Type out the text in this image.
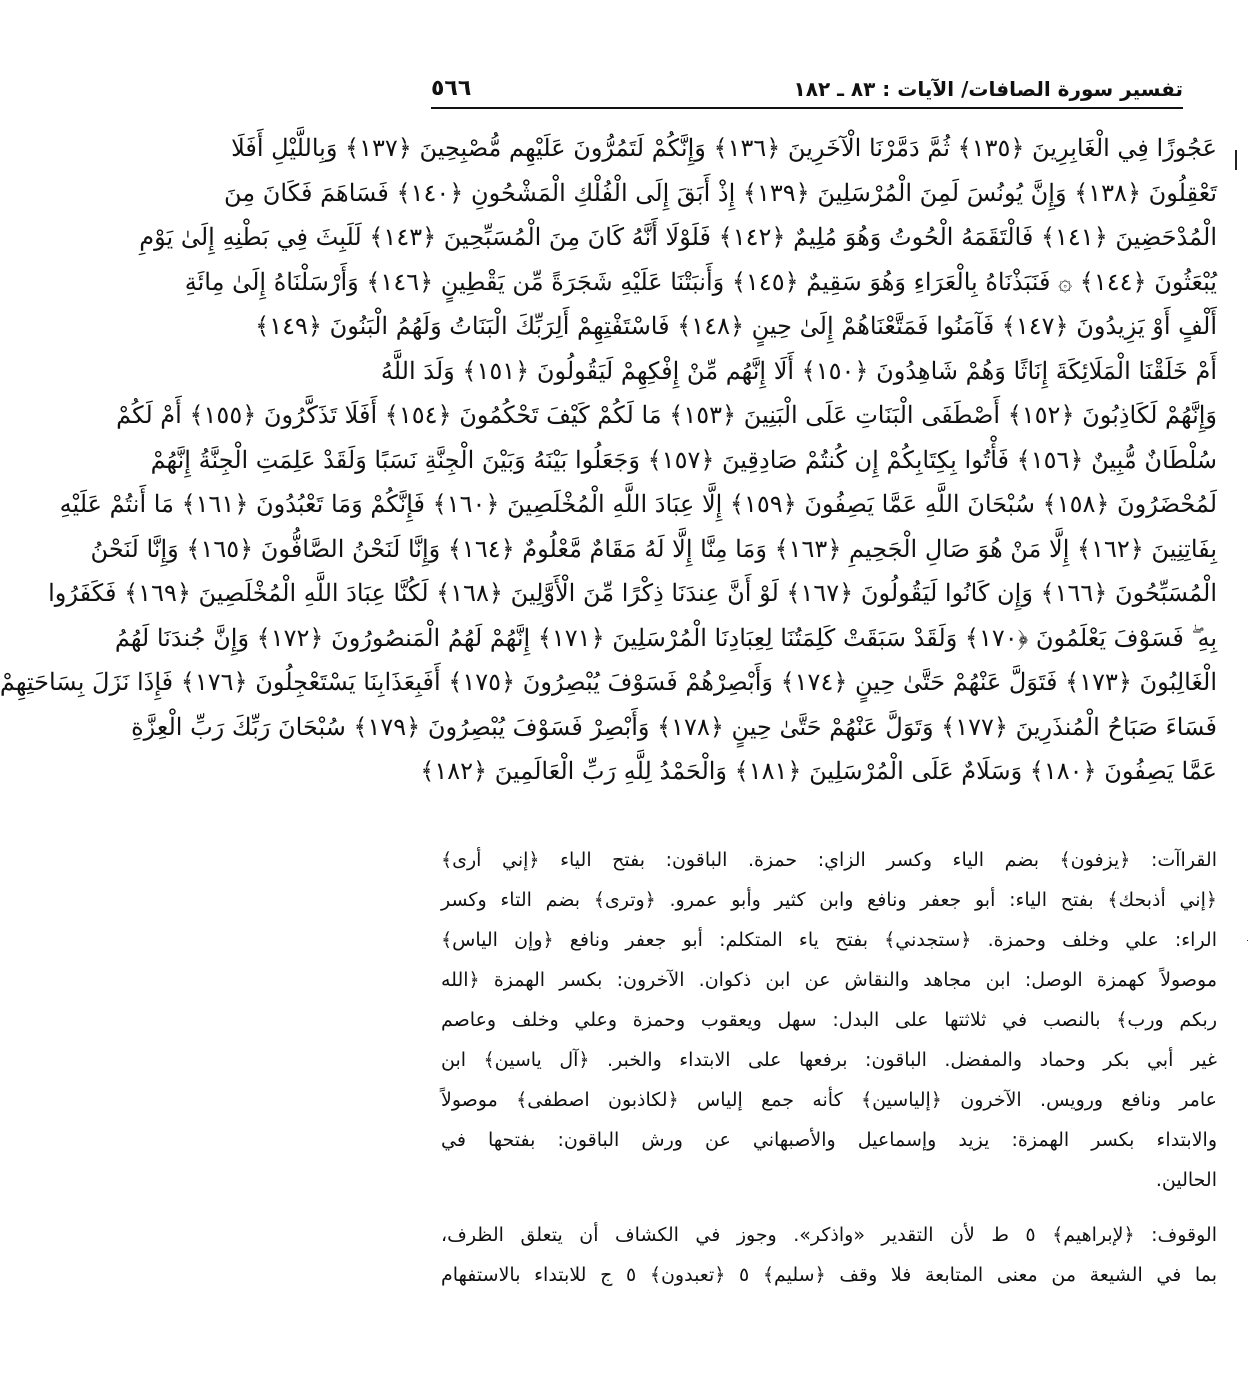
تفسير سورة الصافات/ الآيات : ٨٣ ـ ١٨٢
٥٦٦
عَجُوزًا فِي الْغَابِرِينَ ﴿١٣٥﴾ ثُمَّ دَمَّرْنَا الْآخَرِينَ ﴿١٣٦﴾ وَإِنَّكُمْ لَتَمُرُّونَ عَلَيْهِم مُّصْبِحِينَ ﴿١٣٧﴾ وَبِاللَّيْلِ أَفَلَا
تَعْقِلُونَ ﴿١٣٨﴾ وَإِنَّ يُونُسَ لَمِنَ الْمُرْسَلِينَ ﴿١٣٩﴾ إِذْ أَبَقَ إِلَى الْفُلْكِ الْمَشْحُونِ ﴿١٤٠﴾ فَسَاهَمَ فَكَانَ مِنَ
الْمُدْحَضِينَ ﴿١٤١﴾ فَالْتَقَمَهُ الْحُوتُ وَهُوَ مُلِيمٌ ﴿١٤٢﴾ فَلَوْلَا أَنَّهُ كَانَ مِنَ الْمُسَبِّحِينَ ﴿١٤٣﴾ لَلَبِثَ فِي بَطْنِهِ إِلَىٰ يَوْمِ
يُبْعَثُونَ ﴿١٤٤﴾ ۞ فَنَبَذْنَاهُ بِالْعَرَاءِ وَهُوَ سَقِيمٌ ﴿١٤٥﴾ وَأَنبَتْنَا عَلَيْهِ شَجَرَةً مِّن يَقْطِينٍ ﴿١٤٦﴾ وَأَرْسَلْنَاهُ إِلَىٰ مِائَةِ
أَلْفٍ أَوْ يَزِيدُونَ ﴿١٤٧﴾ فَآمَنُوا فَمَتَّعْنَاهُمْ إِلَىٰ حِينٍ ﴿١٤٨﴾ فَاسْتَفْتِهِمْ أَلِرَبِّكَ الْبَنَاتُ وَلَهُمُ الْبَنُونَ ﴿١٤٩﴾
أَمْ خَلَقْنَا الْمَلَائِكَةَ إِنَاثًا وَهُمْ شَاهِدُونَ ﴿١٥٠﴾ أَلَا إِنَّهُم مِّنْ إِفْكِهِمْ لَيَقُولُونَ ﴿١٥١﴾ وَلَدَ اللَّهُ
وَإِنَّهُمْ لَكَاذِبُونَ ﴿١٥٢﴾ أَصْطَفَى الْبَنَاتِ عَلَى الْبَنِينَ ﴿١٥٣﴾ مَا لَكُمْ كَيْفَ تَحْكُمُونَ ﴿١٥٤﴾ أَفَلَا تَذَكَّرُونَ ﴿١٥٥﴾ أَمْ لَكُمْ
سُلْطَانٌ مُّبِينٌ ﴿١٥٦﴾ فَأْتُوا بِكِتَابِكُمْ إِن كُنتُمْ صَادِقِينَ ﴿١٥٧﴾ وَجَعَلُوا بَيْنَهُ وَبَيْنَ الْجِنَّةِ نَسَبًا وَلَقَدْ عَلِمَتِ الْجِنَّةُ إِنَّهُمْ
لَمُحْضَرُونَ ﴿١٥٨﴾ سُبْحَانَ اللَّهِ عَمَّا يَصِفُونَ ﴿١٥٩﴾ إِلَّا عِبَادَ اللَّهِ الْمُخْلَصِينَ ﴿١٦٠﴾ فَإِنَّكُمْ وَمَا تَعْبُدُونَ ﴿١٦١﴾ مَا أَنتُمْ عَلَيْهِ
بِفَاتِنِينَ ﴿١٦٢﴾ إِلَّا مَنْ هُوَ صَالِ الْجَحِيمِ ﴿١٦٣﴾ وَمَا مِنَّا إِلَّا لَهُ مَقَامٌ مَّعْلُومٌ ﴿١٦٤﴾ وَإِنَّا لَنَحْنُ الصَّافُّونَ ﴿١٦٥﴾ وَإِنَّا لَنَحْنُ
الْمُسَبِّحُونَ ﴿١٦٦﴾ وَإِن كَانُوا لَيَقُولُونَ ﴿١٦٧﴾ لَوْ أَنَّ عِندَنَا ذِكْرًا مِّنَ الْأَوَّلِينَ ﴿١٦٨﴾ لَكُنَّا عِبَادَ اللَّهِ الْمُخْلَصِينَ ﴿١٦٩﴾ فَكَفَرُوا
بِهِ ۖ فَسَوْفَ يَعْلَمُونَ ﴿١٧٠﴾ وَلَقَدْ سَبَقَتْ كَلِمَتُنَا لِعِبَادِنَا الْمُرْسَلِينَ ﴿١٧١﴾ إِنَّهُمْ لَهُمُ الْمَنصُورُونَ ﴿١٧٢﴾ وَإِنَّ جُندَنَا لَهُمُ
الْغَالِبُونَ ﴿١٧٣﴾ فَتَوَلَّ عَنْهُمْ حَتَّىٰ حِينٍ ﴿١٧٤﴾ وَأَبْصِرْهُمْ فَسَوْفَ يُبْصِرُونَ ﴿١٧٥﴾ أَفَبِعَذَابِنَا يَسْتَعْجِلُونَ ﴿١٧٦﴾ فَإِذَا نَزَلَ بِسَاحَتِهِمْ
فَسَاءَ صَبَاحُ الْمُنذَرِينَ ﴿١٧٧﴾ وَتَوَلَّ عَنْهُمْ حَتَّىٰ حِينٍ ﴿١٧٨﴾ وَأَبْصِرْ فَسَوْفَ يُبْصِرُونَ ﴿١٧٩﴾ سُبْحَانَ رَبِّكَ رَبِّ الْعِزَّةِ
عَمَّا يَصِفُونَ ﴿١٨٠﴾ وَسَلَامٌ عَلَى الْمُرْسَلِينَ ﴿١٨١﴾ وَالْحَمْدُ لِلَّهِ رَبِّ الْعَالَمِينَ ﴿١٨٢﴾
القراآت: ﴿يزفون﴾ بضم الياء وكسر الزاي: حمزة. الباقون: بفتح الياء ﴿إني أرى﴾
﴿إني أذبحك﴾ بفتح الياء: أبو جعفر ونافع وابن كثير وأبو عمرو. ﴿وترى﴾ بضم التاء وكسر
الراء: علي وخلف وحمزة. ﴿ستجدني﴾ بفتح ياء المتكلم: أبو جعفر ونافع ﴿وإن الياس﴾
موصولاً كهمزة الوصل: ابن مجاهد والنقاش عن ابن ذكوان. الآخرون: بكسر الهمزة ﴿الله
ربكم ورب﴾ بالنصب في ثلاثتها على البدل: سهل ويعقوب وحمزة وعلي وخلف وعاصم
غير أبي بكر وحماد والمفضل. الباقون: برفعها على الابتداء والخبر. ﴿آل ياسين﴾ ابن
عامر ونافع ورويس. الآخرون ﴿إلياسين﴾ كأنه جمع إلياس ﴿لكاذبون اصطفى﴾ موصولاً
والابتداء بكسر الهمزة: يزيد وإسماعيل والأصبهاني عن ورش الباقون: بفتحها في
الحالين.
الوقوف: ﴿لإبراهيم﴾ ٥ ط لأن التقدير «واذكر». وجوز في الكشاف أن يتعلق الظرف،
بما في الشيعة من معنى المتابعة فلا وقف ﴿سليم﴾ ٥ ﴿تعبدون﴾ ٥ ج للابتداء بالاستفهام
